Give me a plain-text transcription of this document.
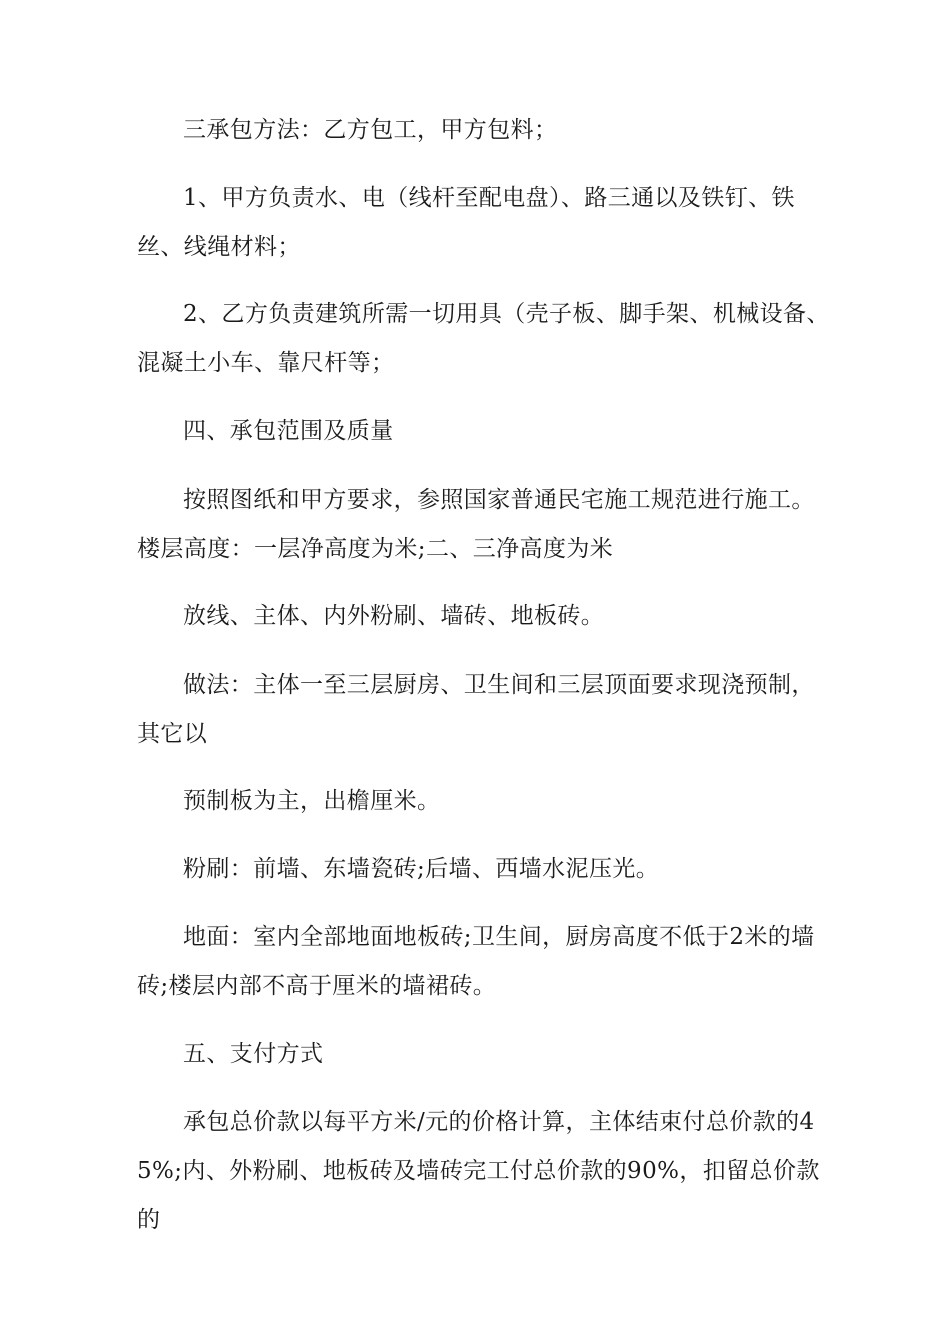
三承包方法：乙方包工，甲方包料；

1、甲方负责水、电（线杆至配电盘）、路三通以及铁钉、铁丝、线绳材料；

2、乙方负责建筑所需一切用具（壳子板、脚手架、机械设备、混凝土小车、靠尺杆等；

四、承包范围及质量

按照图纸和甲方要求，参照国家普通民宅施工规范进行施工。

楼层高度：一层净高度为米;二、三净高度为米

放线、主体、内外粉刷、墙砖、地板砖。

做法：主体一至三层厨房、卫生间和三层顶面要求现浇预制，其它以

预制板为主，出檐厘米。

粉刷：前墙、东墙瓷砖;后墙、西墙水泥压光。

地面：室内全部地面地板砖;卫生间，厨房高度不低于2米的墙砖;楼层内部不高于厘米的墙裙砖。

五、支付方式

承包总价款以每平方米/元的价格计算，主体结束付总价款的45%;内、外粉刷、地板砖及墙砖完工付总价款的90%，扣留总价款的
